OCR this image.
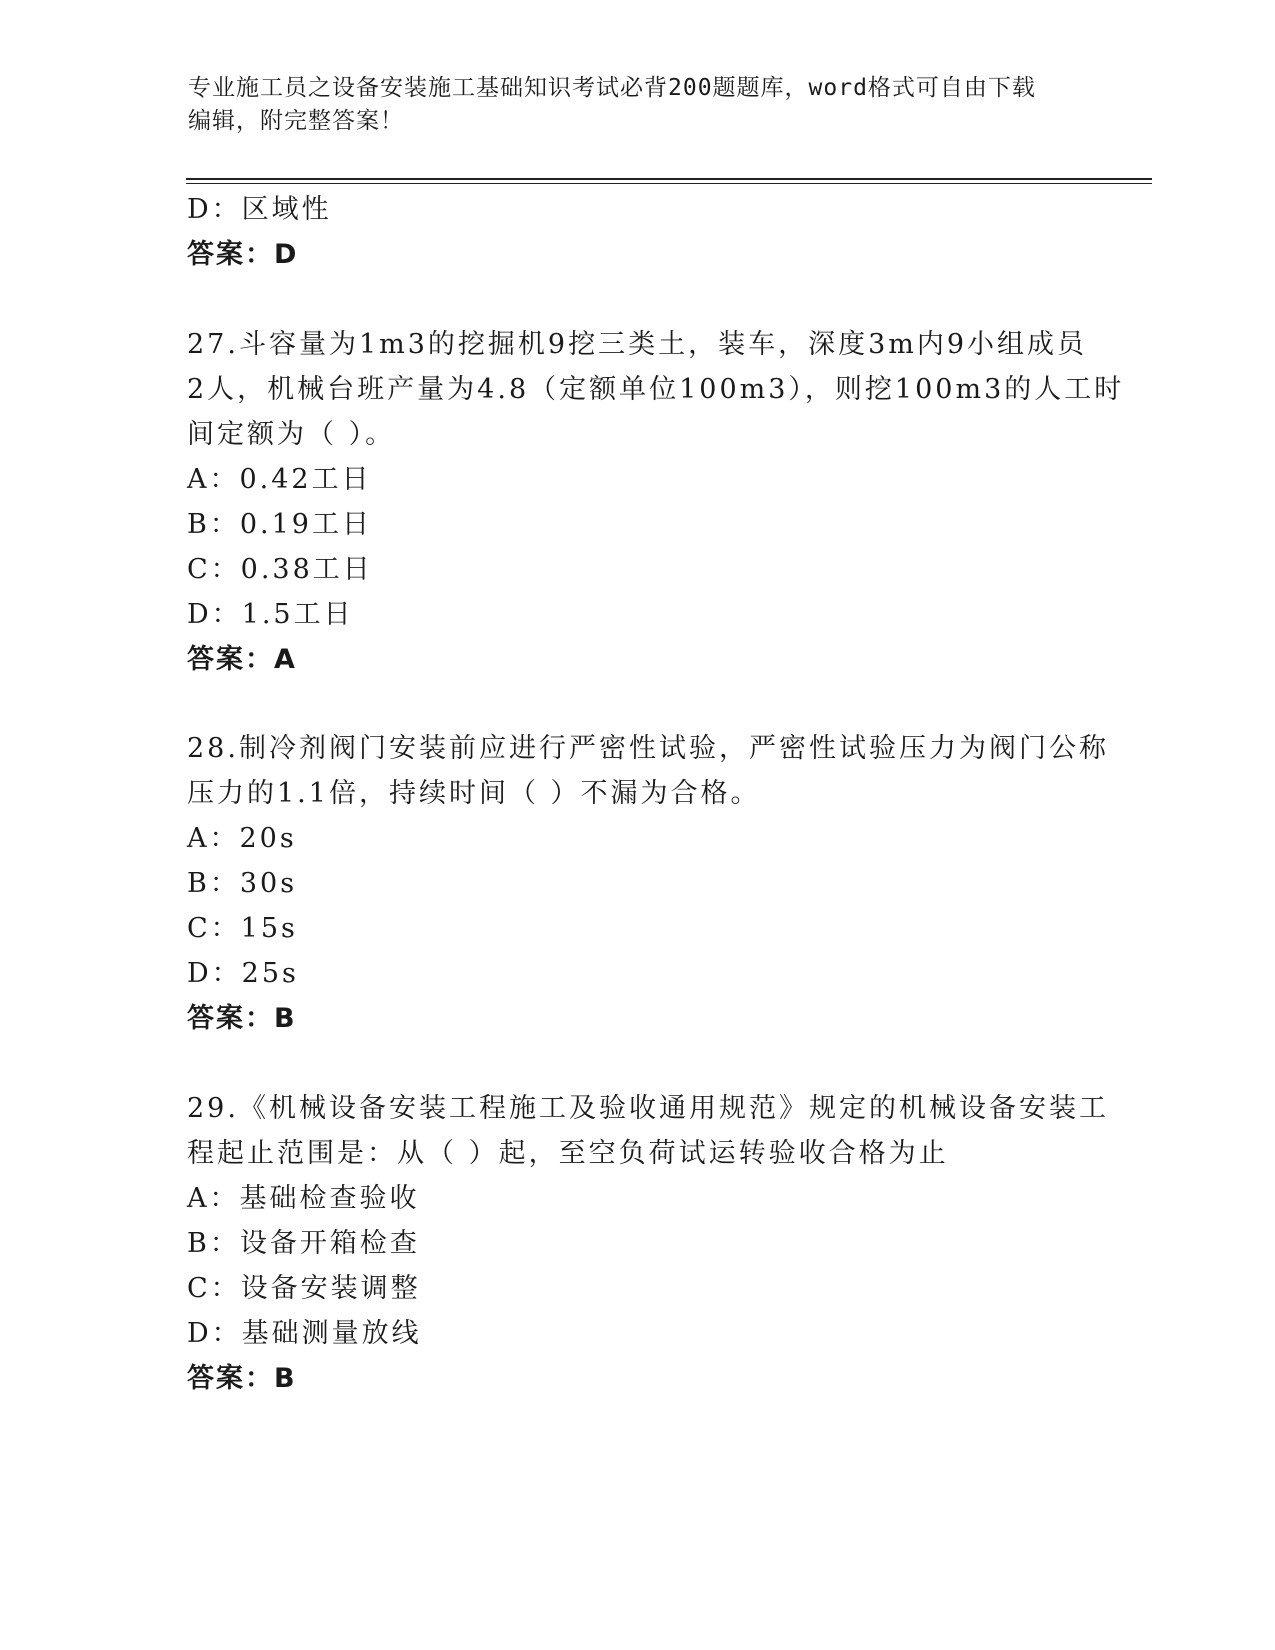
专业施工员之设备安装施工基础知识考试必背200题题库，word格式可自由下载
编辑，附完整答案！
D：区域性
答案：D
27.斗容量为1m3的挖掘机9挖三类土，装车，深度3m内9小组成员
2人，机械台班产量为4.8（定额单位100m3），则挖100m3的人工时
间定额为（ ）。
A：0.42工日
B：0.19工日
C：0.38工日
D：1.5工日
答案：A
28.制冷剂阀门安装前应进行严密性试验，严密性试验压力为阀门公称
压力的1.1倍，持续时间（ ）不漏为合格。
A：20s
B：30s
C：15s
D：25s
答案：B
29.《机械设备安装工程施工及验收通用规范》规定的机械设备安装工
程起止范围是：从（ ）起，至空负荷试运转验收合格为止
A：基础检查验收
B：设备开箱检查
C：设备安装调整
D：基础测量放线
答案：B
